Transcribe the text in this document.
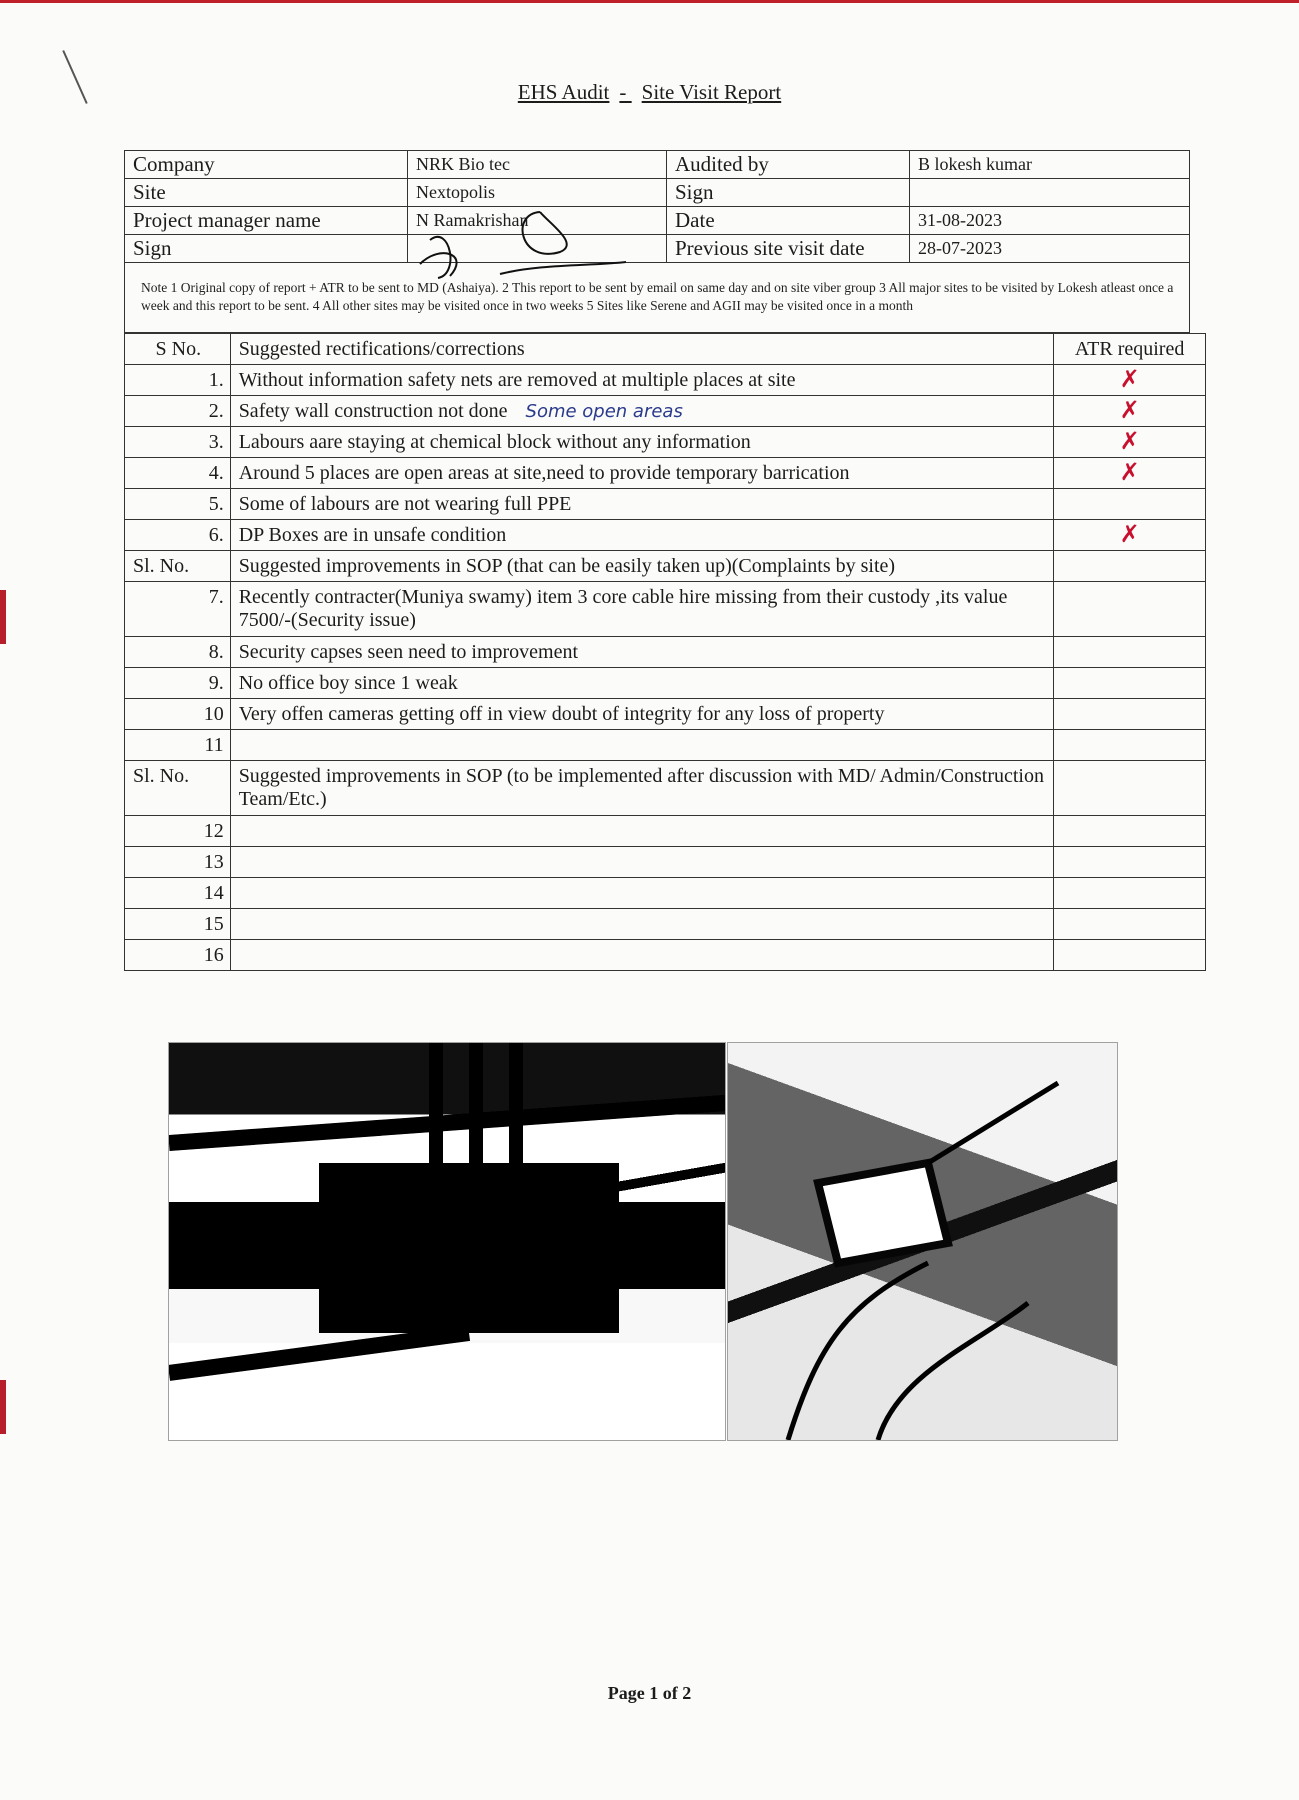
EHS Audit - Site Visit Report
Company	NRK Bio tec	Audited by	B lokesh kumar
Site	Nextopolis	Sign	
Project manager name	N Ramakrishan	Date	31-08-2023
Sign		Previous site visit date	28-07-2023
Note 1 Original copy of report + ATR to be sent to MD (Ashaiya). 2 This report to be sent by email on same day and on site viber group 3 All major sites to be visited by Lokesh atleast once a week and this report to be sent. 4 All other sites may be visited once in two weeks 5 Sites like Serene and AGII may be visited once in a month
S No.	Suggested rectifications/corrections	ATR required
1.	Without information safety nets are removed at multiple places at site	✗
2.	Safety wall construction not done Some open areas	✗
3.	Labours aare staying at chemical block without any information	✗
4.	Around 5 places are open areas at site,need to provide temporary barrication	✗
5.	Some of labours are not wearing full PPE	
6.	DP Boxes are in unsafe condition	✗
Sl. No.	Suggested improvements in SOP (that can be easily taken up)(Complaints by site)	
7.	Recently contracter(Muniya swamy) item 3 core cable hire missing from their custody ,its value 7500/-(Security issue)	
8.	Security capses seen need to improvement	
9.	No office boy since 1 weak	
10	Very offen cameras getting off in view doubt of integrity for any loss of property	
11		
Sl. No.	Suggested improvements in SOP (to be implemented after discussion with MD/ Admin/Construction Team/Etc.)	
12		
13		
14		
15		
16		
Page 1 of 2
